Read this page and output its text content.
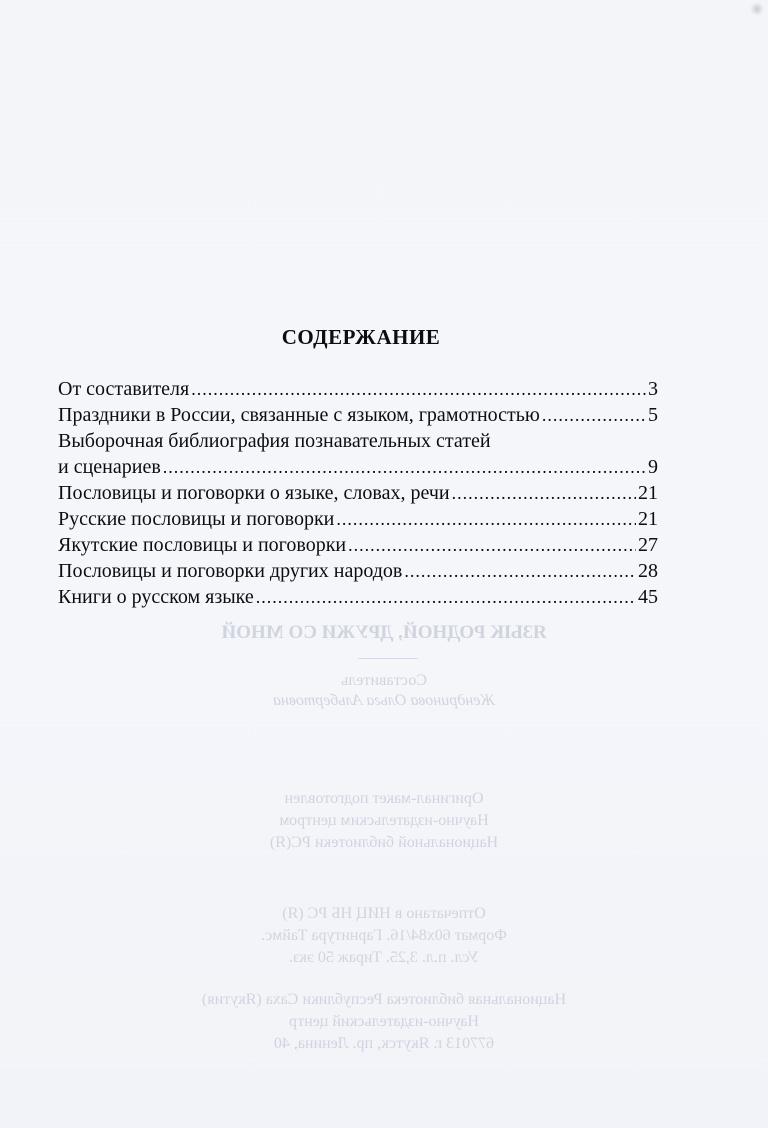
ЯЗЫК РОДНОЙ, ДРУЖИ СО МНОЙ
Составитель
Жендринова Ольга Альбертовна
Оригинал-макет подготовлен
Научно-издательским центром
Национальной библиотеки РС(Я)
Отпечатано в НИЦ НБ РС (Я)
Формат 60х84/16. Гарнитура Таймс.
Усл. п.л. 3,25. Тираж 50 экз.
Национальная библиотека Республики Саха (Якутия)
Научно-издательский центр
677013 г. Якутск, пр. Ленина, 40
СОДЕРЖАНИЕ
От составителя .....	3
Праздники в России, связанные с языком, грамотностью .....	5
Выборочная библиография познавательных статей
и сценариев .....	9
Пословицы и поговорки о языке, словах, речи .....	21
Русские пословицы и поговорки .....	21
Якутские пословицы и поговорки .....	27
Пословицы и поговорки других народов .....	28
Книги о русском языке .....	45
